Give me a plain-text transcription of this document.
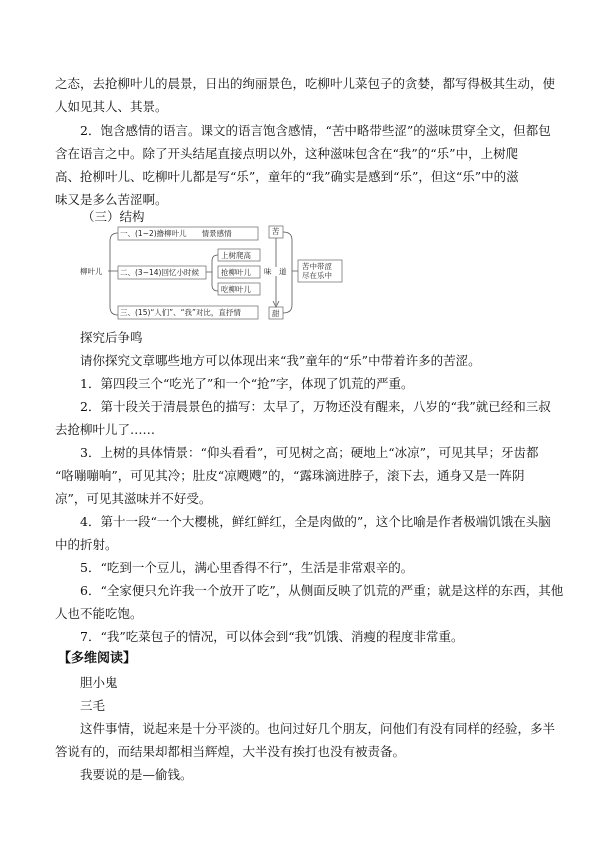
之态，去抢柳叶儿的晨景，日出的绚丽景色，吃柳叶儿菜包子的贪婪，都写得极其生动，使

人如见其人、其景。

2．饱含感情的语言。课文的语言饱含感情，“苦中略带些涩”的滋味贯穿全文，但都包

含在语言之中。除了开头结尾直接点明以外，这种滋味包含在“我”的“乐”中，上树爬

高、抢柳叶儿、吃柳叶儿都是写“乐”，童年的“我”确实是感到“乐”，但这“乐”中的滋

味又是多么苦涩啊。

（三）结构

柳叶儿
一、(1~2)撸柳叶儿　　情景感情
二、(3~14)回忆小时候
三、(15)“人们”、“我”对比，直抒情
上树爬高
抢柳叶儿
吃柳叶儿
苦
甜
味　道
苦中带涩
尽在乐中

探究后争鸣

请你探究文章哪些地方可以体现出来“我”童年的“乐”中带着许多的苦涩。

1．第四段三个“吃光了”和一个“抢”字，体现了饥荒的严重。

2．第十段关于清晨景色的描写：太早了，万物还没有醒来，八岁的“我”就已经和三叔

去抢柳叶儿了……

3．上树的具体情景：“仰头看看”，可见树之高；硬地上“冰凉”，可见其早；牙齿都

“咯嘣嘣响”，可见其冷；肚皮“凉飕飕”的，“露珠滴进脖子，滚下去，通身又是一阵阴

凉”，可见其滋味并不好受。

4．第十一段“一个大樱桃，鲜红鲜红，全是肉做的”，这个比喻是作者极端饥饿在头脑

中的折射。

5．“吃到一个豆儿，满心里香得不行”，生活是非常艰辛的。

6．“全家便只允许我一个放开了吃”，从侧面反映了饥荒的严重；就是这样的东西，其他

人也不能吃饱。

7．“我”吃菜包子的情况，可以体会到“我”饥饿、消瘦的程度非常重。

【多维阅读】

胆小鬼

三毛

这件事情，说起来是十分平淡的。也问过好几个朋友，问他们有没有同样的经验，多半

答说有的，而结果却都相当辉煌，大半没有挨打也没有被责备。

我要说的是—偷钱。
